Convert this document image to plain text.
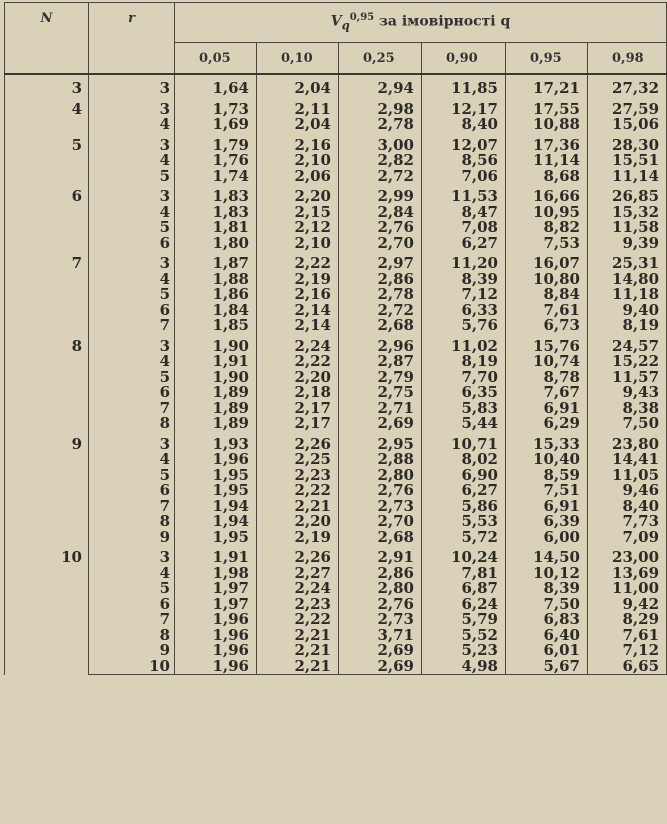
N	r	$V_q^{0,95}$ за імовірності q					
		0,05	0,10	0,25	0,90	0,95	0,98
3	3	1,64	2,04	2,94	11,85	17,21	27,32
4	3	1,73	2,11	2,98	12,17	17,55	27,59
	4	1,69	2,04	2,78	8,40	10,88	15,06
5	3	1,79	2,16	3,00	12,07	17,36	28,30
	4	1,76	2,10	2,82	8,56	11,14	15,51
	5	1,74	2,06	2,72	7,06	8,68	11,14
6	3	1,83	2,20	2,99	11,53	16,66	26,85
	4	1,83	2,15	2,84	8,47	10,95	15,32
	5	1,81	2,12	2,76	7,08	8,82	11,58
	6	1,80	2,10	2,70	6,27	7,53	9,39
7	3	1,87	2,22	2,97	11,20	16,07	25,31
	4	1,88	2,19	2,86	8,39	10,80	14,80
	5	1,86	2,16	2,78	7,12	8,84	11,18
	6	1,84	2,14	2,72	6,33	7,61	9,40
	7	1,85	2,14	2,68	5,76	6,73	8,19
8	3	1,90	2,24	2,96	11,02	15,76	24,57
	4	1,91	2,22	2,87	8,19	10,74	15,22
	5	1,90	2,20	2,79	7,70	8,78	11,57
	6	1,89	2,18	2,75	6,35	7,67	9,43
	7	1,89	2,17	2,71	5,83	6,91	8,38
	8	1,89	2,17	2,69	5,44	6,29	7,50
9	3	1,93	2,26	2,95	10,71	15,33	23,80
	4	1,96	2,25	2,88	8,02	10,40	14,41
	5	1,95	2,23	2,80	6,90	8,59	11,05
	6	1,95	2,22	2,76	6,27	7,51	9,46
	7	1,94	2,21	2,73	5,86	6,91	8,40
	8	1,94	2,20	2,70	5,53	6,39	7,73
	9	1,95	2,19	2,68	5,72	6,00	7,09
10	3	1,91	2,26	2,91	10,24	14,50	23,00
	4	1,98	2,27	2,86	7,81	10,12	13,69
	5	1,97	2,24	2,80	6,87	8,39	11,00
	6	1,97	2,23	2,76	6,24	7,50	9,42
	7	1,96	2,22	2,73	5,79	6,83	8,29
	8	1,96	2,21	3,71	5,52	6,40	7,61
	9	1,96	2,21	2,69	5,23	6,01	7,12
	10	1,96	2,21	2,69	4,98	5,67	6,65
